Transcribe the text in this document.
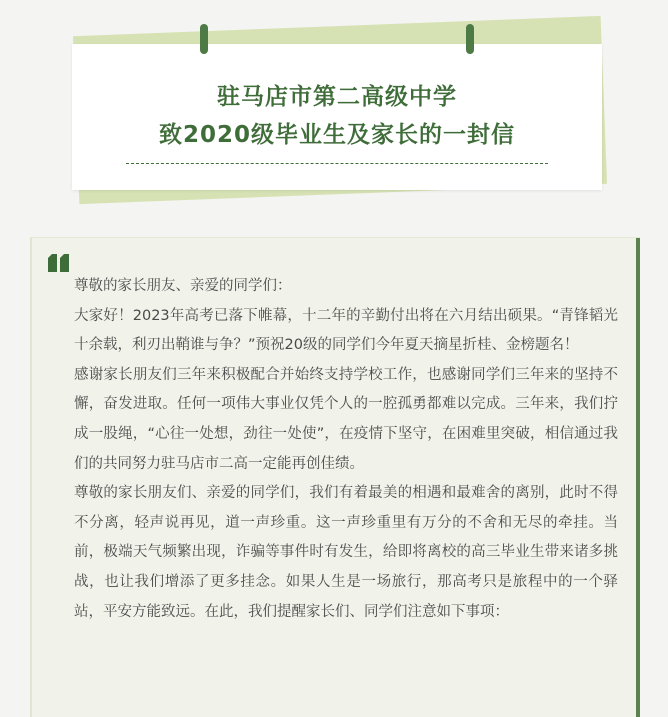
驻马店市第二高级中学
致2020级毕业生及家长的一封信

尊敬的家长朋友、亲爱的同学们：

大家好！2023年高考已落下帷幕，十二年的辛勤付出将在六月结出硕果。“青锋韬光十余载，利刃出鞘谁与争？”预祝20级的同学们今年夏天摘星折桂、金榜题名！

感谢家长朋友们三年来积极配合并始终支持学校工作，也感谢同学们三年来的坚持不懈，奋发进取。任何一项伟大事业仅凭个人的一腔孤勇都难以完成。三年来，我们拧成一股绳，“心往一处想，劲往一处使”，在疫情下坚守，在困难里突破，相信通过我们的共同努力驻马店市二高一定能再创佳绩。

尊敬的家长朋友们、亲爱的同学们，我们有着最美的相遇和最难舍的离别，此时不得不分离，轻声说再见，道一声珍重。这一声珍重里有万分的不舍和无尽的牵挂。当前，极端天气频繁出现，诈骗等事件时有发生，给即将离校的高三毕业生带来诸多挑战，也让我们增添了更多挂念。如果人生是一场旅行，那高考只是旅程中的一个驿站，平安方能致远。在此，我们提醒家长们、同学们注意如下事项：
